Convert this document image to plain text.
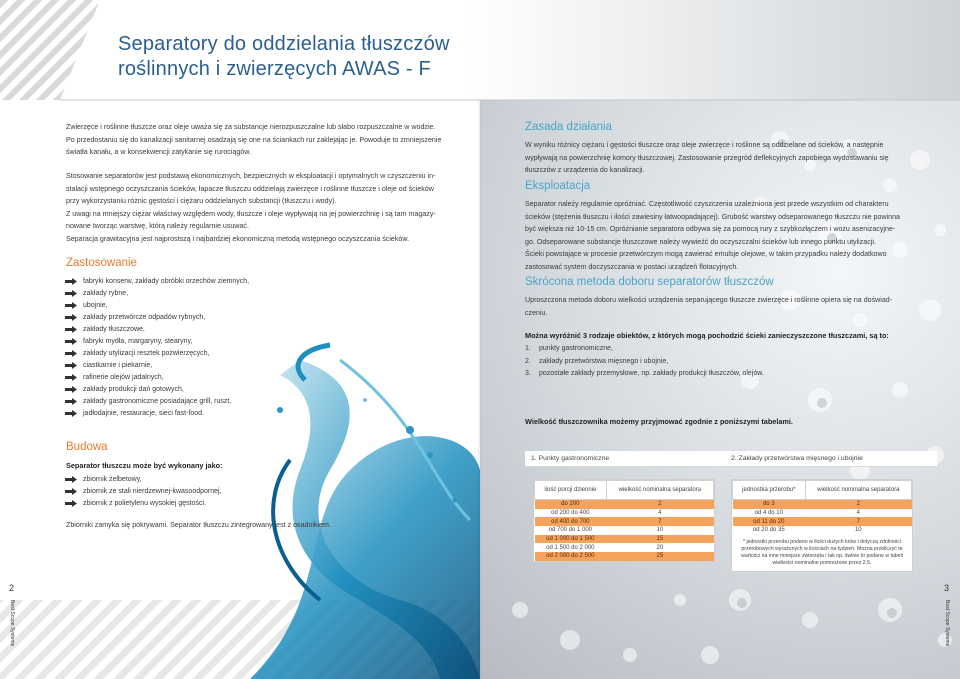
Separatory do oddzielania tłuszczów
roślinnych i zwierzęcych AWAS - F
Zwierzęce i roślinne tłuszcze oraz oleje uważa się za substancje nierozpuszczalne lub słabo rozpuszczalne w wodzie.
Po przedostaniu się do kanalizacji sanitarnej osadzają się one na ściankach rur zaklejając je. Powoduje to zmniejszenie
światła kanału, a w konsekwencji zatykanie się rurociągów.
Stosowanie separatorów jest podstawą ekonomicznych, bezpiecznych w eksploatacji i optymalnych w czyszczeniu in-
stalacji wstępnego oczyszczania ścieków, łapacze tłuszczu oddzielają zwierzęce i roślinne tłuszcze i oleje od ścieków
przy wykorzystaniu różnic gęstości i ciężaru oddzielanych substancji (tłuszczu i wody).
Z uwagi na mniejszy ciężar właściwy względem wody, tłuszcze i oleje wypływają na jej powierzchnię i są tam magazy-
nowane tworząc warstwę, którą należy regularnie usuwać.
Separacja grawitacyjna jest najprostszą i najbardziej ekonomiczną metodą wstępnego oczyszczania ścieków.
Zastosowanie
fabryki konserw, zakłady obróbki orzechów ziemnych,
zakłady rybne,
ubojnie,
zakłady przetwórcze odpadów rybnych,
zakłady tłuszczowe,
fabryki mydła, margaryny, stearyny,
zakłady utylizacji resztek pożwierzęcych,
ciastkarnie i piekarnie,
rafinerie olejów jadalnych,
zakłady produkcji dań gotowych,
zakłady gastronomiczne posiadające grill, ruszt,
jadłodajnie, restauracje, sieci fast-food.
Budowa
Separator tłuszczu może być wykonany jako:
zbiornik żelbetowy,
zbiornik ze stali nierdzewnej-kwasoodpornej,
zbiornik z polietylenu wysokiej gęstości.
Zbiorniki zamyka się pokrywami. Separator tłuszczu zintegrowany jest z osadnikiem.
Zasada działania
W wyniku różnicy ciężaru i gęstości tłuszcze oraz oleje zwierzęce i roślinne są oddzielane od ścieków, a następnie
wypływają na powierzchnię komory tłuszczowej. Zastosowanie przegród deflekcyjnych zapobiega wydostawaniu się
tłuszczów z urządzenia do kanalizacji.
Eksploatacja
Separator należy regularnie opróżniać. Częstotliwość czyszczenia uzależniona jest przede wszystkim od charakteru
ścieków (stężenia tłuszczu i ilości zawiesiny łatwoopadającej). Grubość warstwy odseparowanego tłuszczu nie powinna
być większa niż 10-15 cm. Opróżnianie separatora odbywa się za pomocą rury z szybkozłączem i wozu asenizacyjne-
go. Odseparowane substancje tłuszczowe należy wywieźć do oczyszczalni ścieków lub innego punktu utylizacji.
Ścieki powstające w procesie przetwórczym mogą zawierać emulsje olejowe, w takim przypadku należy dodatkowo
zastosować system doczyszczania w postaci urządzeń flotacyjnych.
Skrócona metoda doboru separatorów tłuszczów
Uproszczona metoda doboru wielkości urządzenia separującego tłuszcze zwierzęce i roślinne opiera się na doświad-
czeniu.
Można wyróżnić 3 rodzaje obiektów, z których mogą pochodzić ścieki zanieczyszczone tłuszczami, są to:
1. punkty gastronomiczne,
2. zakłady przetwórstwa mięsnego i ubojnie,
3. pozostałe zakłady przemysłowe, np. zakłady produkcji tłuszczów, olejów.
Wielkość tłuszczownika możemy przyjmować zgodnie z poniższymi tabelami.
1. Punkty gastronomiczne
ilość porcji dziennie	wielkość nominalna separatora
do 200	2
od 200 do 400	4
od 400 do 700	7
od 700 do 1 000	10
od 1 000 do 1 500	15
od 1 500 do 2 000	20
od 2 000 do 2 500	25
2. Zakłady przetwórstwa mięsnego i ubojnie
jednostka przerobu*	wielkość nominalna separatora
do 3	2
od 4 do 10	4
od 11 do 20	7
od 20 do 35	10
* jednostki przerobu podano w ilości dużych krów i dotyczą zdolności
przerobowych wyrażonych w ilościach na tydzień. Można przeliczyć te
wartości na inne mniejsze zwierzęta i tak np. świnie to podane w tabeli
wielkości nominalne pomnożone przez 2,5.
2
Best Scope Systems
3
Best Scope Systems
